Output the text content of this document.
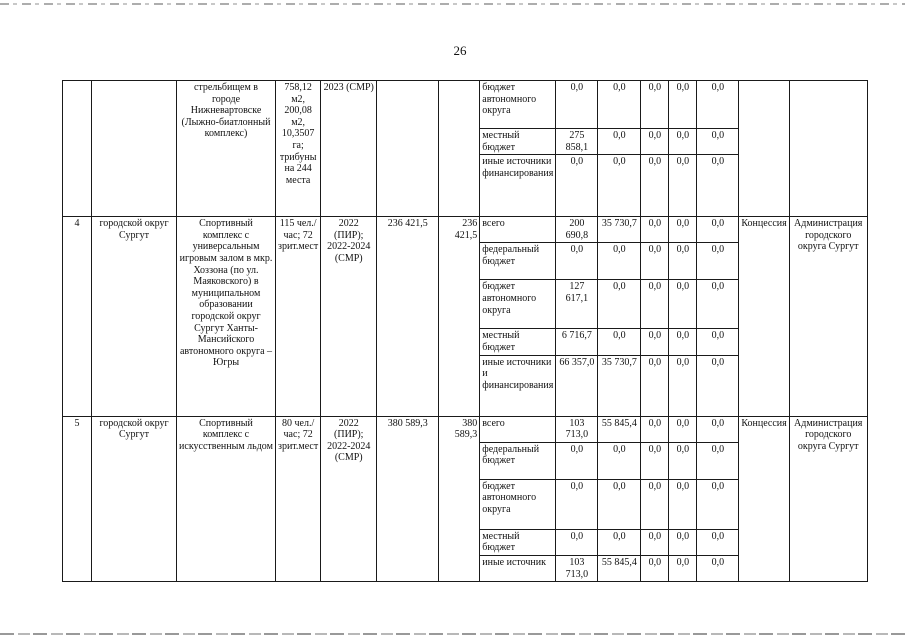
26
		стрельбищем в городе Нижневартовске (Лыжно-биатлонный комплекс)	758,12 м2, 200,08 м2, 10,3507 га; трибуны на 244 места	2023 (СМР)			бюджет автономного округа	0,0	0,0	0,0	0,0	0,0		
							местный бюджет	275 858,1	0,0	0,0	0,0	0,0		
							иные источники финансирования	0,0	0,0	0,0	0,0	0,0		
4	городской округ Сургут	Спортивный комплекс с универсальным игровым залом в мкр. Хоззона (по ул. Маяковского) в муниципальном образовании городской округ Сургут Ханты-Мансийского автономного округа – Югры	115 чел./час; 72 зрит.мест	2022 (ПИР); 2022-2024 (СМР)	236 421,5	236 421,5	всего	200 690,8	35 730,7	0,0	0,0	0,0	Концессия	Администрация городского округа Сургут
							федеральный бюджет	0,0	0,0	0,0	0,0	0,0		
							бюджет автономного округа	127 617,1	0,0	0,0	0,0	0,0		
							местный бюджет	6 716,7	0,0	0,0	0,0	0,0		
							иные источники и финансирования	66 357,0	35 730,7	0,0	0,0	0,0		
5	городской округ Сургут	Спортивный комплекс с искусственным льдом	80 чел./час; 72 зрит.мест	2022 (ПИР); 2022-2024 (СМР)	380 589,3	380 589,3	всего	103 713,0	55 845,4	0,0	0,0	0,0	Концессия	Администрация городского округа Сургут
							федеральный бюджет	0,0	0,0	0,0	0,0	0,0		
							бюджет автономного округа	0,0	0,0	0,0	0,0	0,0		
							местный бюджет	0,0	0,0	0,0	0,0	0,0		
							иные источник	103 713,0	55 845,4	0,0	0,0	0,0		
